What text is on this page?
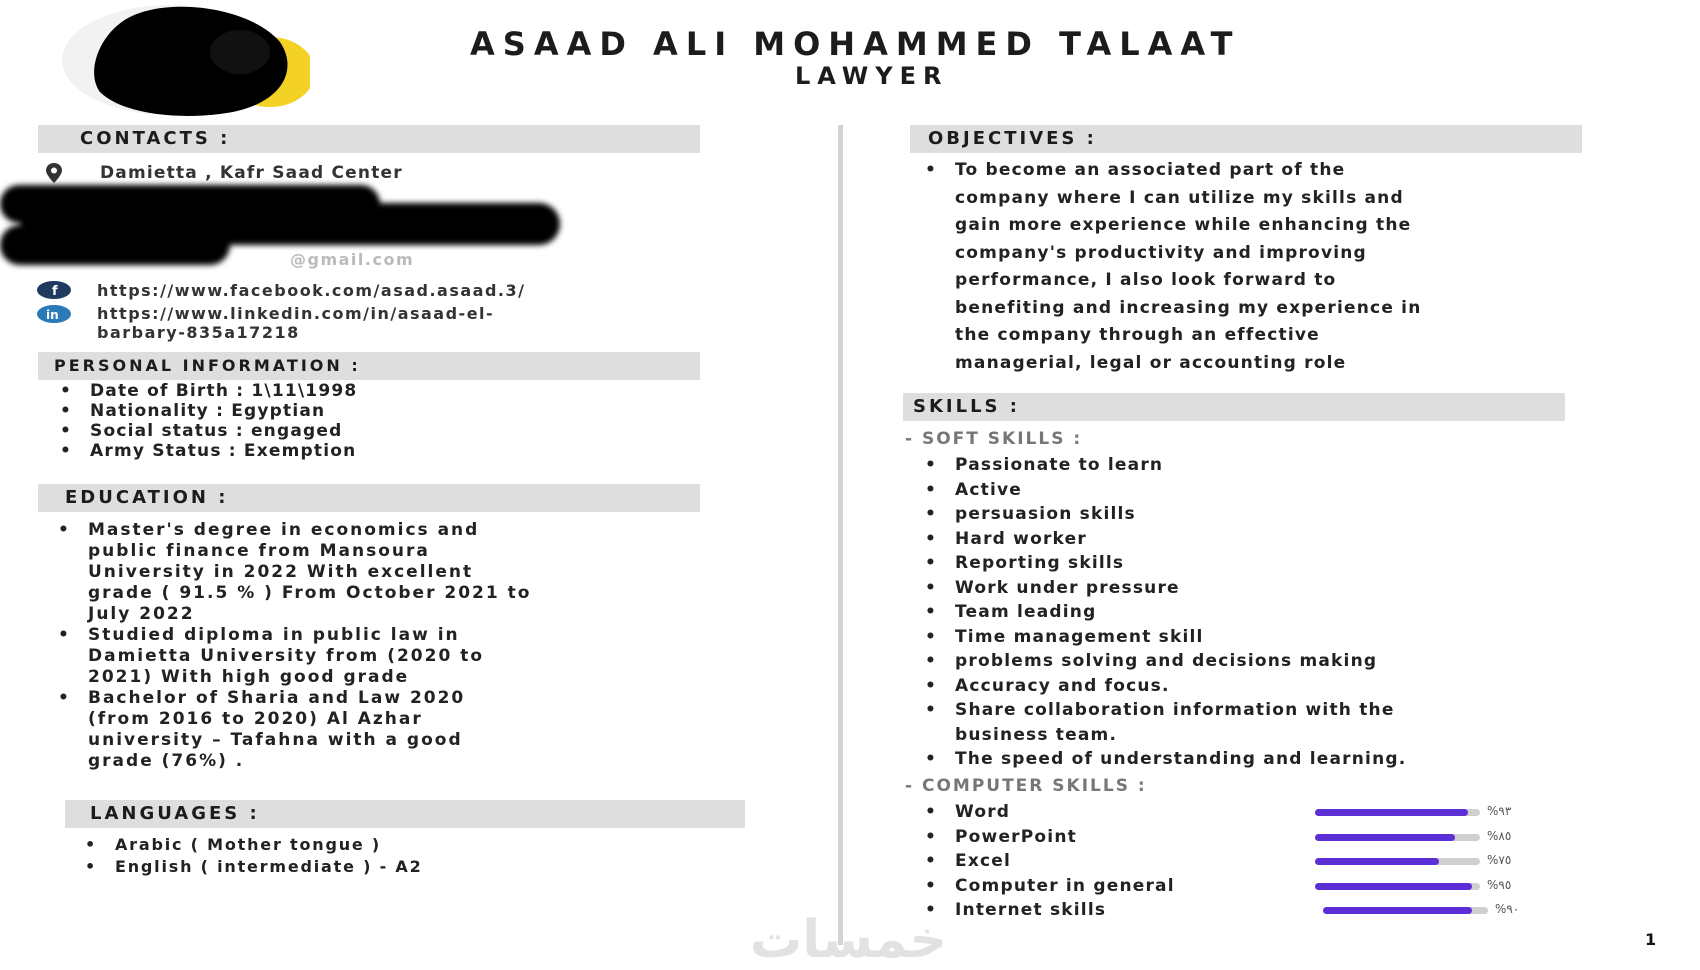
ASAAD ALI MOHAMMED TALAAT
LAWYER
CONTACTS :
Damietta , Kafr Saad Center
@gmail.com
f https://www.facebook.com/asad.asaad.3/
in https://www.linkedin.com/in/asaad-el-
barbary-835a17218
PERSONAL INFORMATION :
• Date of Birth : 1\11\1998
• Nationality : Egyptian
• Social status : engaged
• Army Status : Exemption
EDUCATION :
• Master's degree in economics and
public finance from Mansoura
University in 2022 With excellent
grade ( 91.5 % ) From October 2021 to
July 2022
• Studied diploma in public law in
Damietta University from (2020 to
2021) With high good grade
• Bachelor of Sharia and Law 2020
(from 2016 to 2020) Al Azhar
university – Tafahna with a good
grade (76%) .
LANGUAGES :
• Arabic ( Mother tongue )
• English ( intermediate ) - A2
OBJECTIVES :
• To become an associated part of the
company where I can utilize my skills and
gain more experience while enhancing the
company's productivity and improving
performance, I also look forward to
benefiting and increasing my experience in
the company through an effective
managerial, legal or accounting role
SKILLS :
- SOFT SKILLS :
• Passionate to learn
• Active
• persuasion skills
• Hard worker
• Reporting skills
• Work under pressure
• Team leading
• Time management skill
• problems solving and decisions making
• Accuracy and focus.
• Share collaboration information with the
business team.
• The speed of understanding and learning.
- COMPUTER SKILLS :
• Word	%٩٣
• PowerPoint	%٨٥
• Excel	%٧٥
• Computer in general	%٩٥
• Internet skills	%٩٠
خمسات	1
